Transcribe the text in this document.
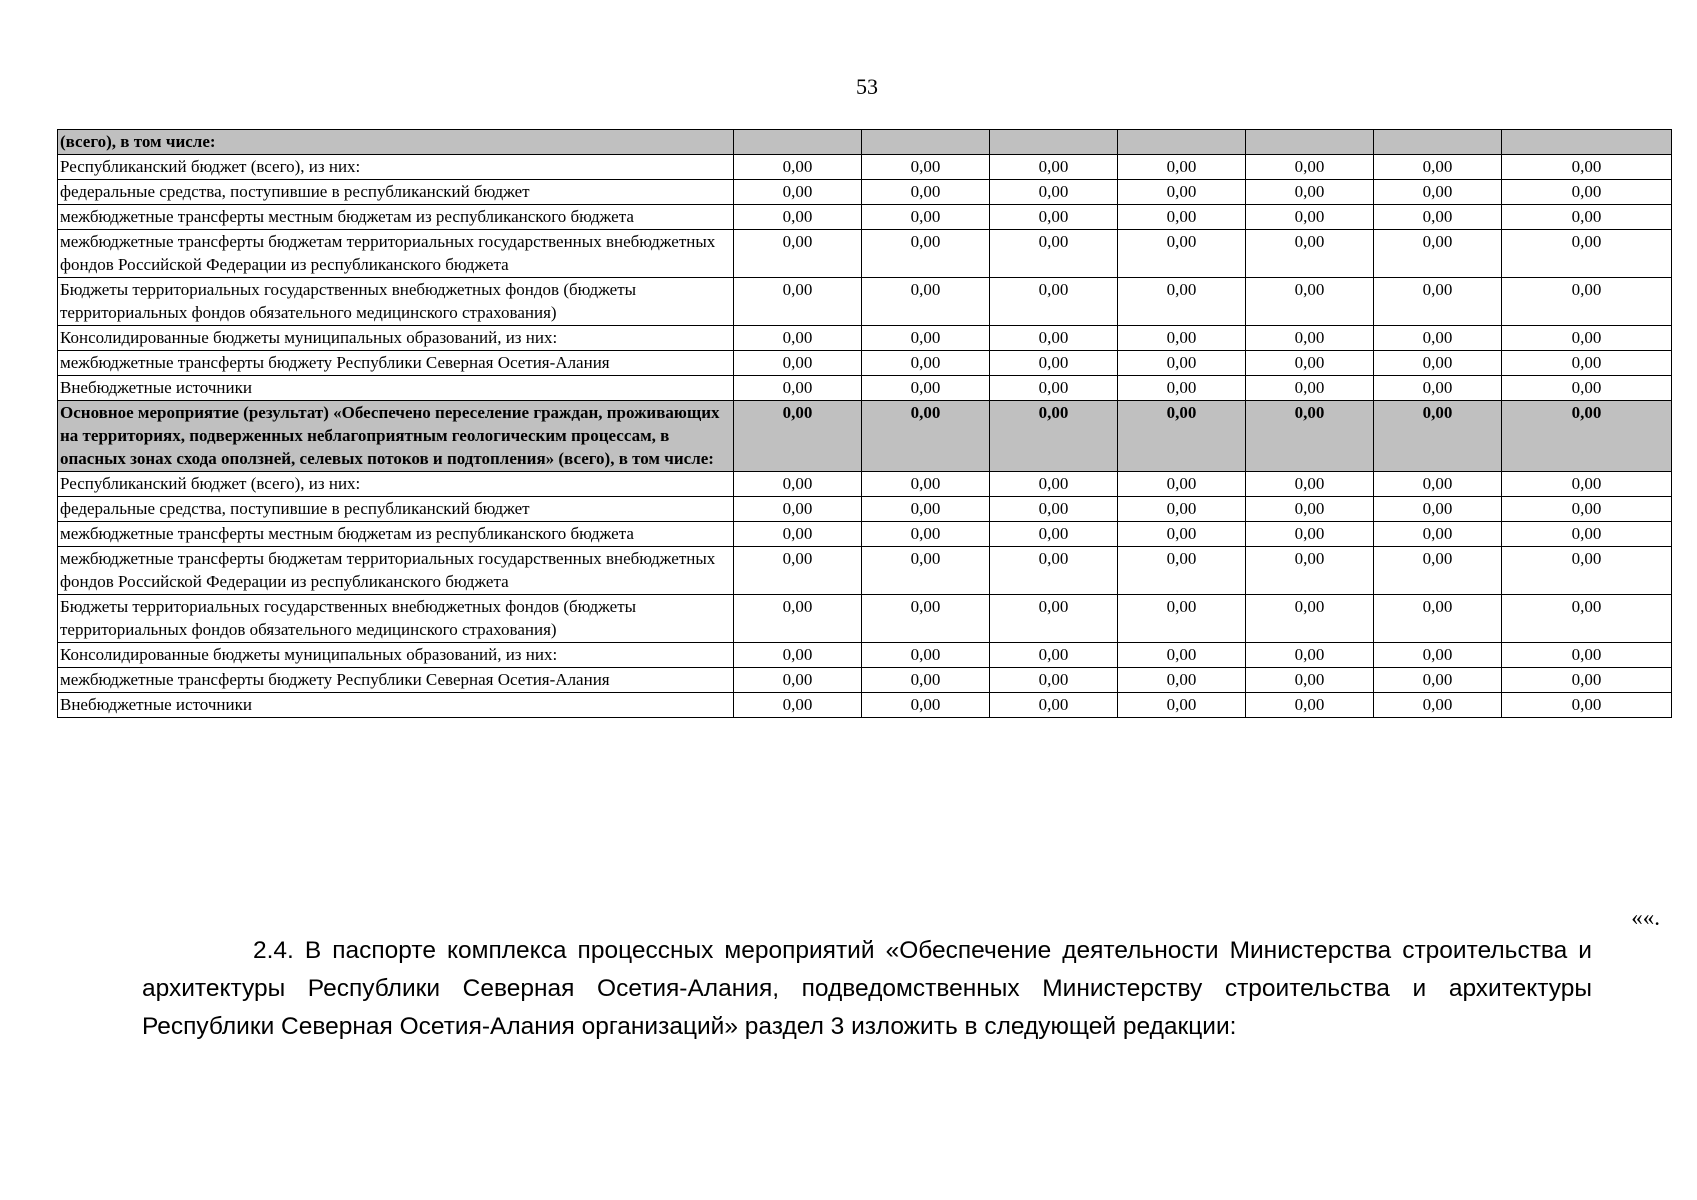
53
(всего), в том числе:							
Республиканский бюджет (всего), из них:	0,00	0,00	0,00	0,00	0,00	0,00	0,00
федеральные средства, поступившие в республиканский бюджет	0,00	0,00	0,00	0,00	0,00	0,00	0,00
межбюджетные трансферты местным бюджетам из республиканского бюджета	0,00	0,00	0,00	0,00	0,00	0,00	0,00
межбюджетные трансферты бюджетам территориальных государственных внебюджетных фондов Российской Федерации из республиканского бюджета	0,00	0,00	0,00	0,00	0,00	0,00	0,00
Бюджеты территориальных государственных внебюджетных фондов (бюджеты территориальных фондов обязательного медицинского страхования)	0,00	0,00	0,00	0,00	0,00	0,00	0,00
Консолидированные бюджеты муниципальных образований, из них:	0,00	0,00	0,00	0,00	0,00	0,00	0,00
межбюджетные трансферты бюджету Республики Северная Осетия-Алания	0,00	0,00	0,00	0,00	0,00	0,00	0,00
Внебюджетные источники	0,00	0,00	0,00	0,00	0,00	0,00	0,00
Основное мероприятие (результат) «Обеспечено переселение граждан, проживающих на территориях, подверженных неблагоприятным геологическим процессам, в опасных зонах схода оползней, селевых потоков и подтопления» (всего), в том числе:	0,00	0,00	0,00	0,00	0,00	0,00	0,00
Республиканский бюджет (всего), из них:	0,00	0,00	0,00	0,00	0,00	0,00	0,00
федеральные средства, поступившие в республиканский бюджет	0,00	0,00	0,00	0,00	0,00	0,00	0,00
межбюджетные трансферты местным бюджетам из республиканского бюджета	0,00	0,00	0,00	0,00	0,00	0,00	0,00
межбюджетные трансферты бюджетам территориальных государственных внебюджетных фондов Российской Федерации из республиканского бюджета	0,00	0,00	0,00	0,00	0,00	0,00	0,00
Бюджеты территориальных государственных внебюджетных фондов (бюджеты территориальных фондов обязательного медицинского страхования)	0,00	0,00	0,00	0,00	0,00	0,00	0,00
Консолидированные бюджеты муниципальных образований, из них:	0,00	0,00	0,00	0,00	0,00	0,00	0,00
межбюджетные трансферты бюджету Республики Северная Осетия-Алания	0,00	0,00	0,00	0,00	0,00	0,00	0,00
Внебюджетные источники	0,00	0,00	0,00	0,00	0,00	0,00	0,00
««.

2.4. В паспорте комплекса процессных мероприятий «Обеспечение деятельности Министерства строительства и архитектуры Республики Северная Осетия-Алания, подведомственных Министерству строительства и архитектуры Республики Северная Осетия-Алания организаций» раздел 3 изложить в следующей редакции:
